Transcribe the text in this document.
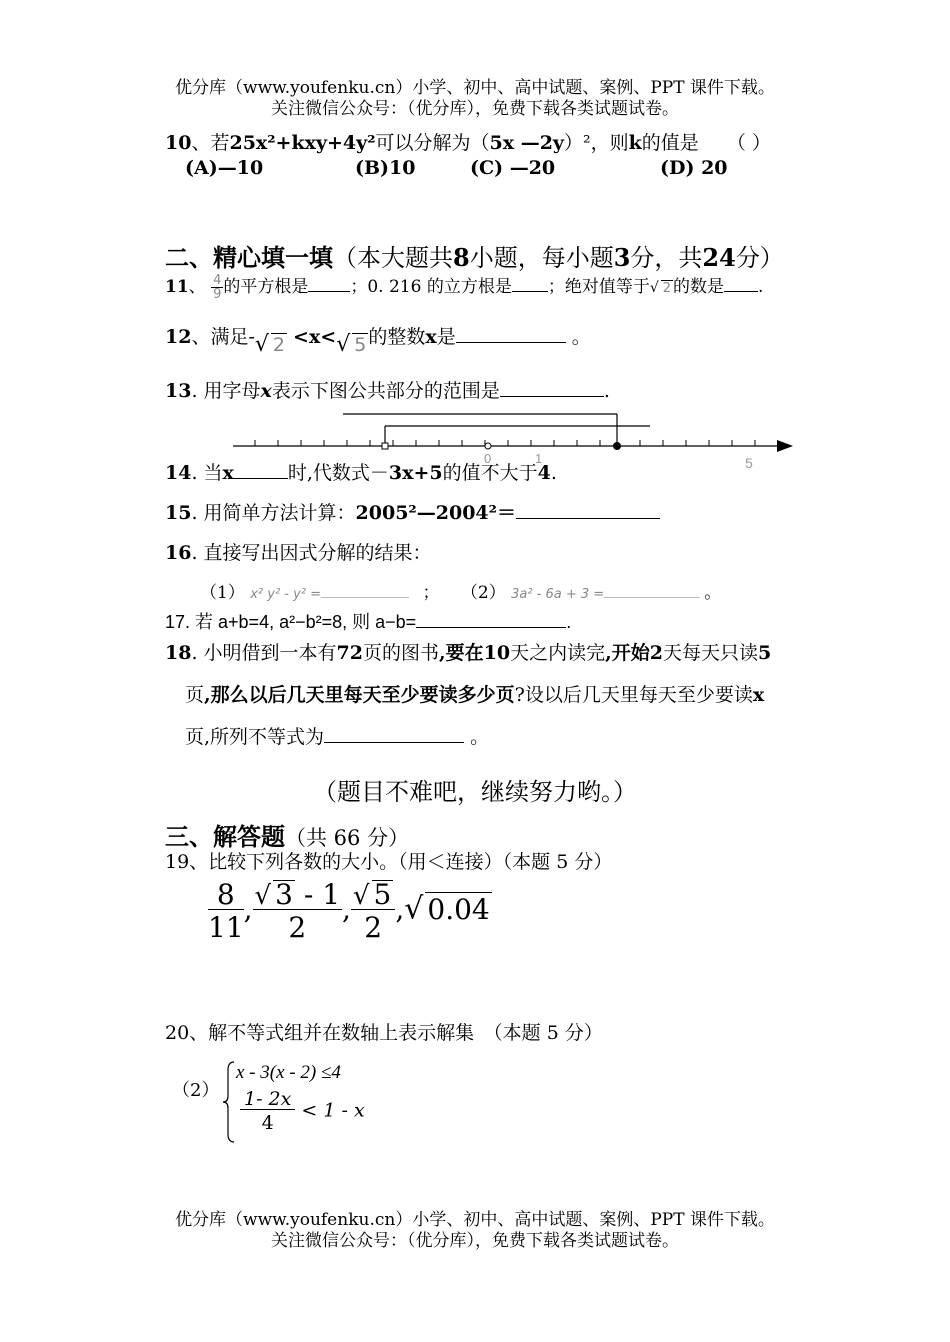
优分库（www.youfenku.cn）小学、初中、高中试题、案例、PPT 课件下载。
关注微信公众号：（优分库），免费下载各类试题试卷。
10、若25x²+kxy+4y²可以分解为（5x —2y）²，则k的值是 （ ）
(A)—10	(B)10	(C) —20	(D) 20
二、精心填一填（本大题共8小题，每小题3分，共24分）
11、 $\frac{4}{9}$ 的平方根是 ；0. 216 的立方根是 ；绝对值等于√ 2 的数是 .
12、满足-√ 2 <x<√ 5 的整数x是	。
13. 用字母x表示下图公共部分的范围是	.
0	1	5
14. 当x	时,代数式－3x+5的值不大于4.
15. 用简单方法计算：2005²—2004²＝
16. 直接写出因式分解的结果：
（1） x² y² - y² =	； （2） 3a² - 6a + 3 =	。
17. 若 a+b=4, a²−b²=8, 则 a−b=	.
18. 小明借到一本有72页的图书,要在10天之内读完,开始2天每天只读5
页,那么以后几天里每天至少要读多少页?设以后几天里每天至少要读x
页,所列不等式为	。
（题目不难吧，继续努力哟。）
三、解答题（共 66 分）
19、比较下列各数的大小。（用＜连接）（本题 5 分）
$\frac{8}{11}$ , $\frac{√ 3 - 1}{2}$ , $\frac{√ 5}{2}$ ,√ 0.04
20、解不等式组并在数轴上表示解集　（本题 5 分）
（2）
x - 3(x - 2) ≤4
$\frac{1- 2x}{4} < 1 - x$
优分库（www.youfenku.cn）小学、初中、高中试题、案例、PPT 课件下载。
关注微信公众号：（优分库），免费下载各类试题试卷。
